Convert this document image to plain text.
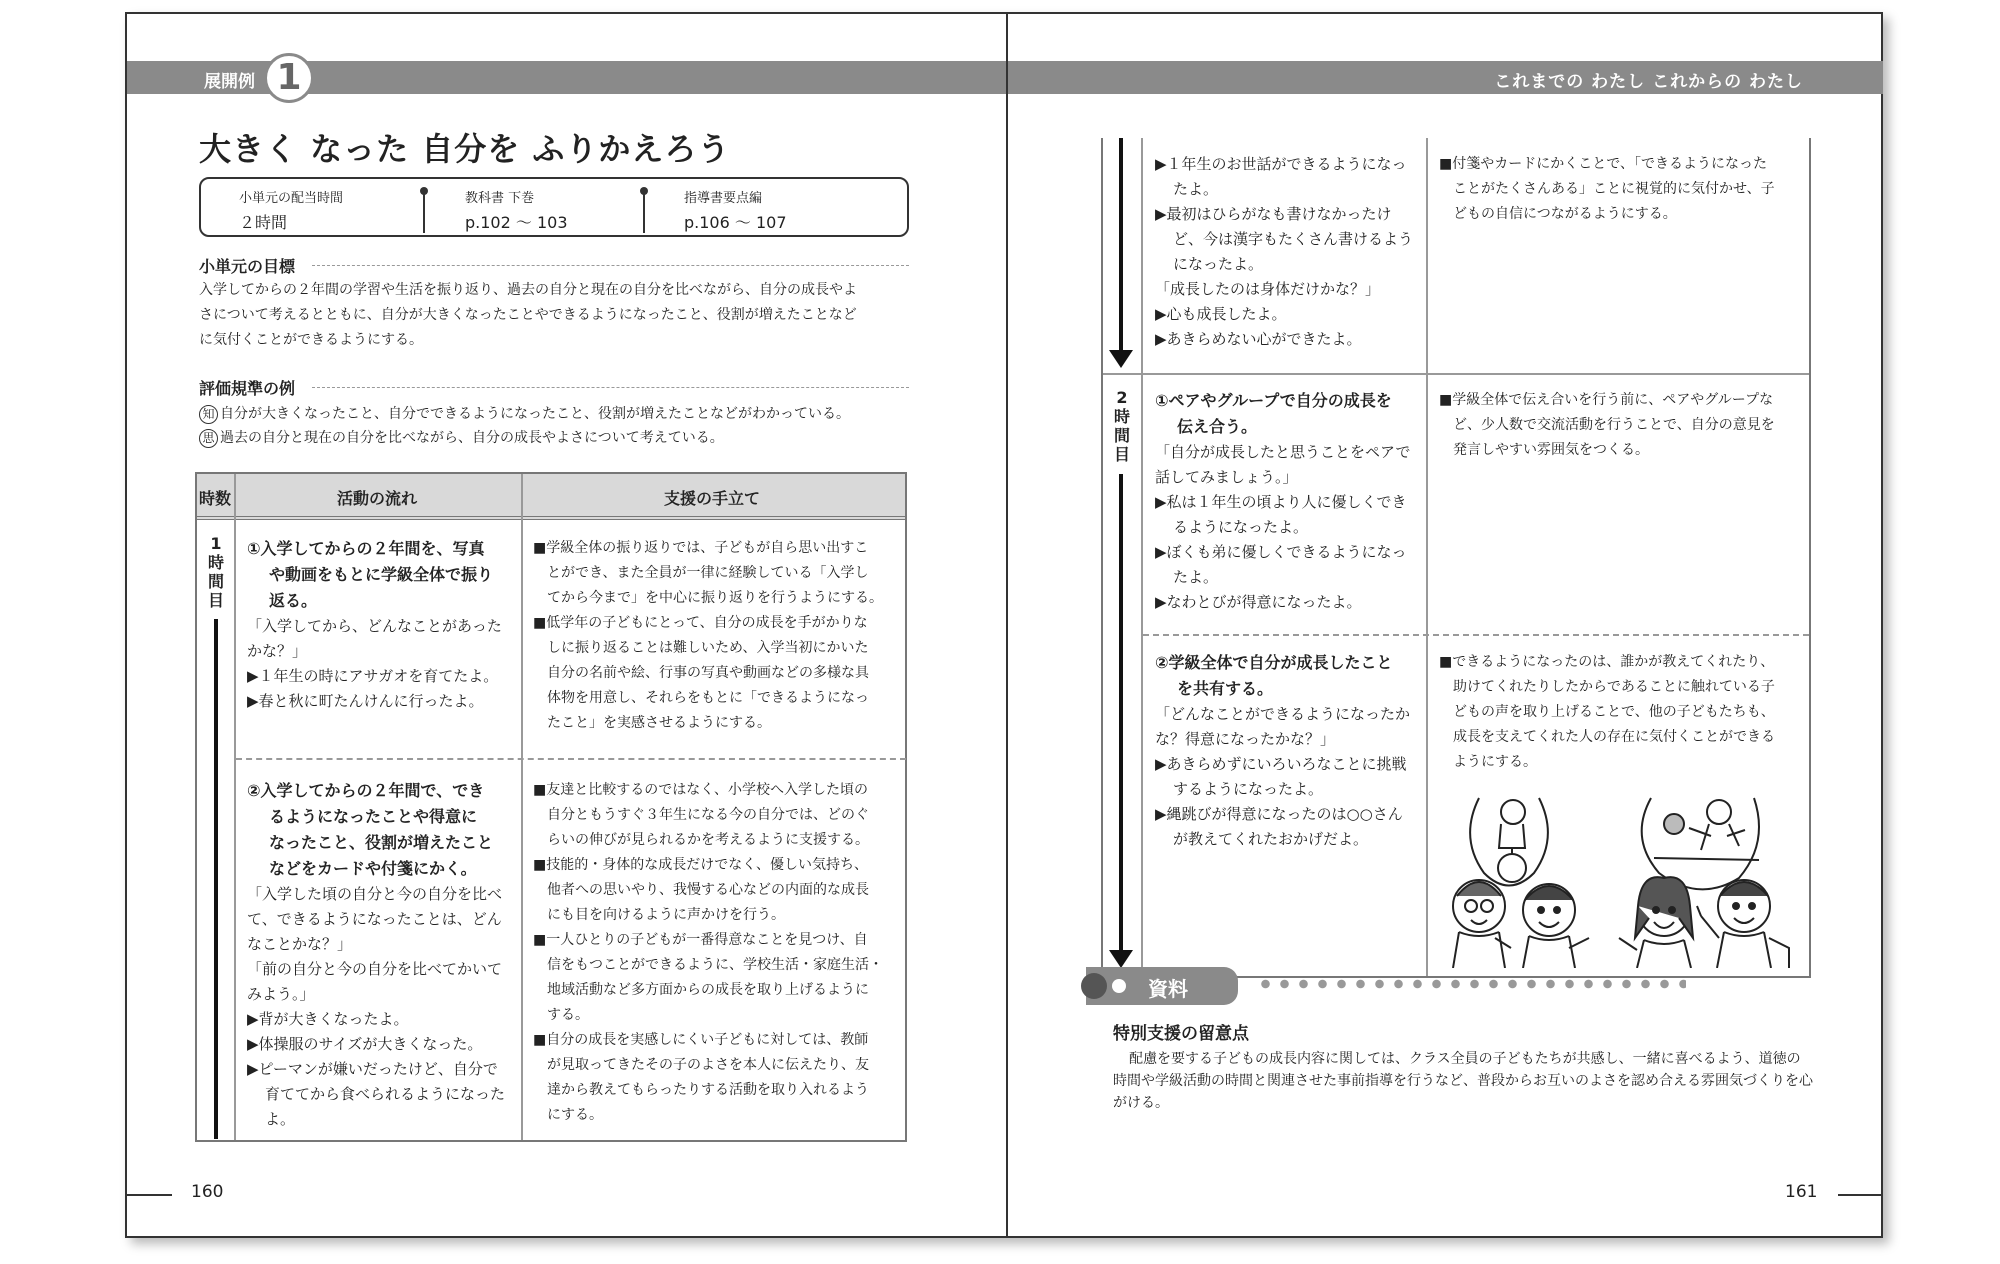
展開例 1
大きく なった 自分を ふりかえろう
小単元の配当時間
２時間
教科書 下巻
p.102 〜 103
指導書要点編
p.106 〜 107
小単元の目標
入学してからの２年間の学習や生活を振り返り、過去の自分と現在の自分を比べながら、自分の成長やよ
さについて考えるとともに、自分が大きくなったことやできるようになったこと、役割が増えたことなど
に気付くことができるようにする。
評価規準の例
知 自分が大きくなったこと、自分でできるようになったこと、役割が増えたことなどがわかっている。
思 過去の自分と現在の自分を比べながら、自分の成長やよさについて考えている。
時数	活動の流れ	支援の手立て
1
時
間
目
①入学してからの２年間を、写真
や動画をもとに学級全体で振り
返る。
「入学してから、どんなことがあった
かな？」
▶１年生の時にアサガオを育てたよ。
▶春と秋に町たんけんに行ったよ。
■学級全体の振り返りでは、子どもが自ら思い出すこ
とができ、また全員が一律に経験している「入学し
てから今まで」を中心に振り返りを行うようにする。
■低学年の子どもにとって、自分の成長を手がかりな
しに振り返ることは難しいため、入学当初にかいた
自分の名前や絵、行事の写真や動画などの多様な具
体物を用意し、それらをもとに「できるようになっ
たこと」を実感させるようにする。
②入学してからの２年間で、でき
るようになったことや得意に
なったこと、役割が増えたこと
などをカードや付箋にかく。
「入学した頃の自分と今の自分を比べ
て、できるようになったことは、どん
なことかな？」
「前の自分と今の自分を比べてかいて
みよう。」
▶背が大きくなったよ。
▶体操服のサイズが大きくなった。
▶ピーマンが嫌いだったけど、自分で
育ててから食べられるようになった
よ。
■友達と比較するのではなく、小学校へ入学した頃の
自分ともうすぐ３年生になる今の自分では、どのぐ
らいの伸びが見られるかを考えるように支援する。
■技能的・身体的な成長だけでなく、優しい気持ち、
他者への思いやり、我慢する心などの内面的な成長
にも目を向けるように声かけを行う。
■一人ひとりの子どもが一番得意なことを見つけ、自
信をもつことができるように、学校生活・家庭生活・
地域活動など多方面からの成長を取り上げるように
する。
■自分の成長を実感しにくい子どもに対しては、教師
が見取ってきたその子のよさを本人に伝えたり、友
達から教えてもらったりする活動を取り入れるよう
にする。
160
これまでの わたし これからの わたし
2
時
間
目
▶１年生のお世話ができるようになっ
たよ。
▶最初はひらがなも書けなかったけ
ど、今は漢字もたくさん書けるよう
になったよ。
「成長したのは身体だけかな？」
▶心も成長したよ。
▶あきらめない心ができたよ。
■付箋やカードにかくことで、「できるようになった
ことがたくさんある」ことに視覚的に気付かせ、子
どもの自信につながるようにする。
①ペアやグループで自分の成長を
伝え合う。
「自分が成長したと思うことをペアで
話してみましょう。」
▶私は１年生の頃より人に優しくでき
るようになったよ。
▶ぼくも弟に優しくできるようになっ
たよ。
▶なわとびが得意になったよ。
■学級全体で伝え合いを行う前に、ペアやグループな
ど、少人数で交流活動を行うことで、自分の意見を
発言しやすい雰囲気をつくる。
②学級全体で自分が成長したこと
を共有する。
「どんなことができるようになったか
な？得意になったかな？」
▶あきらめずにいろいろなことに挑戦
するようになったよ。
▶縄跳びが得意になったのは○○さん
が教えてくれたおかげだよ。
■できるようになったのは、誰かが教えてくれたり、
助けてくれたりしたからであることに触れている子
どもの声を取り上げることで、他の子どもたちも、
成長を支えてくれた人の存在に気付くことができる
ようにする。
資料
特別支援の留意点
配慮を要する子どもの成長内容に関しては、クラス全員の子どもたちが共感し、一緒に喜べるよう、道徳の時間や学級活動の時間と関連させた事前指導を行うなど、普段からお互いのよさを認め合える雰囲気づくりを心がける。
161
